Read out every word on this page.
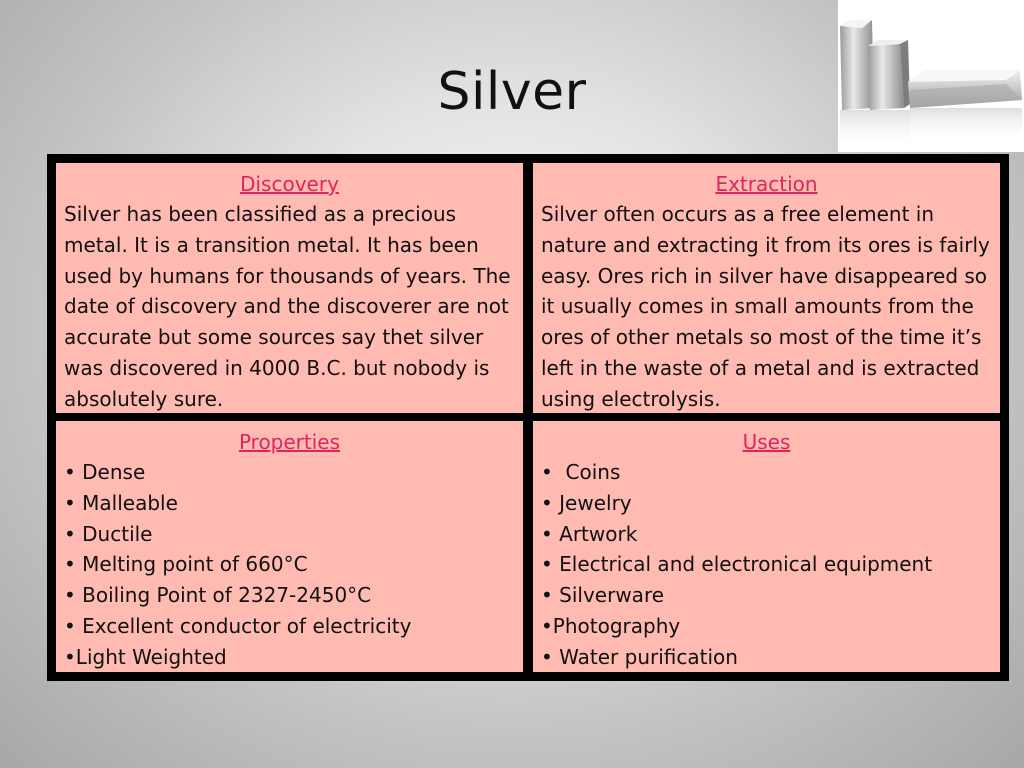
Silver
Discovery

Silver has been classified as a precious metal. It is a transition metal. It has been used by humans for thousands of years. The date of discovery and the discoverer are not accurate but some sources say thet silver was discovered in 4000 B.C. but nobody is absolutely sure.

Extraction

Silver often occurs as a free element in nature and extracting it from its ores is fairly easy. Ores rich in silver have disappeared so it usually comes in small amounts from the ores of other metals so most of the time it’s left in the waste of a metal and is extracted using electrolysis.

Properties
• Dense
• Malleable
• Ductile
• Melting point of 660°C
• Boiling Point of 2327-2450°C
• Excellent conductor of electricity
•Light Weighted
Uses
•  Coins
• Jewelry
• Artwork
• Electrical and electronical equipment
• Silverware
•Photography
• Water purification
